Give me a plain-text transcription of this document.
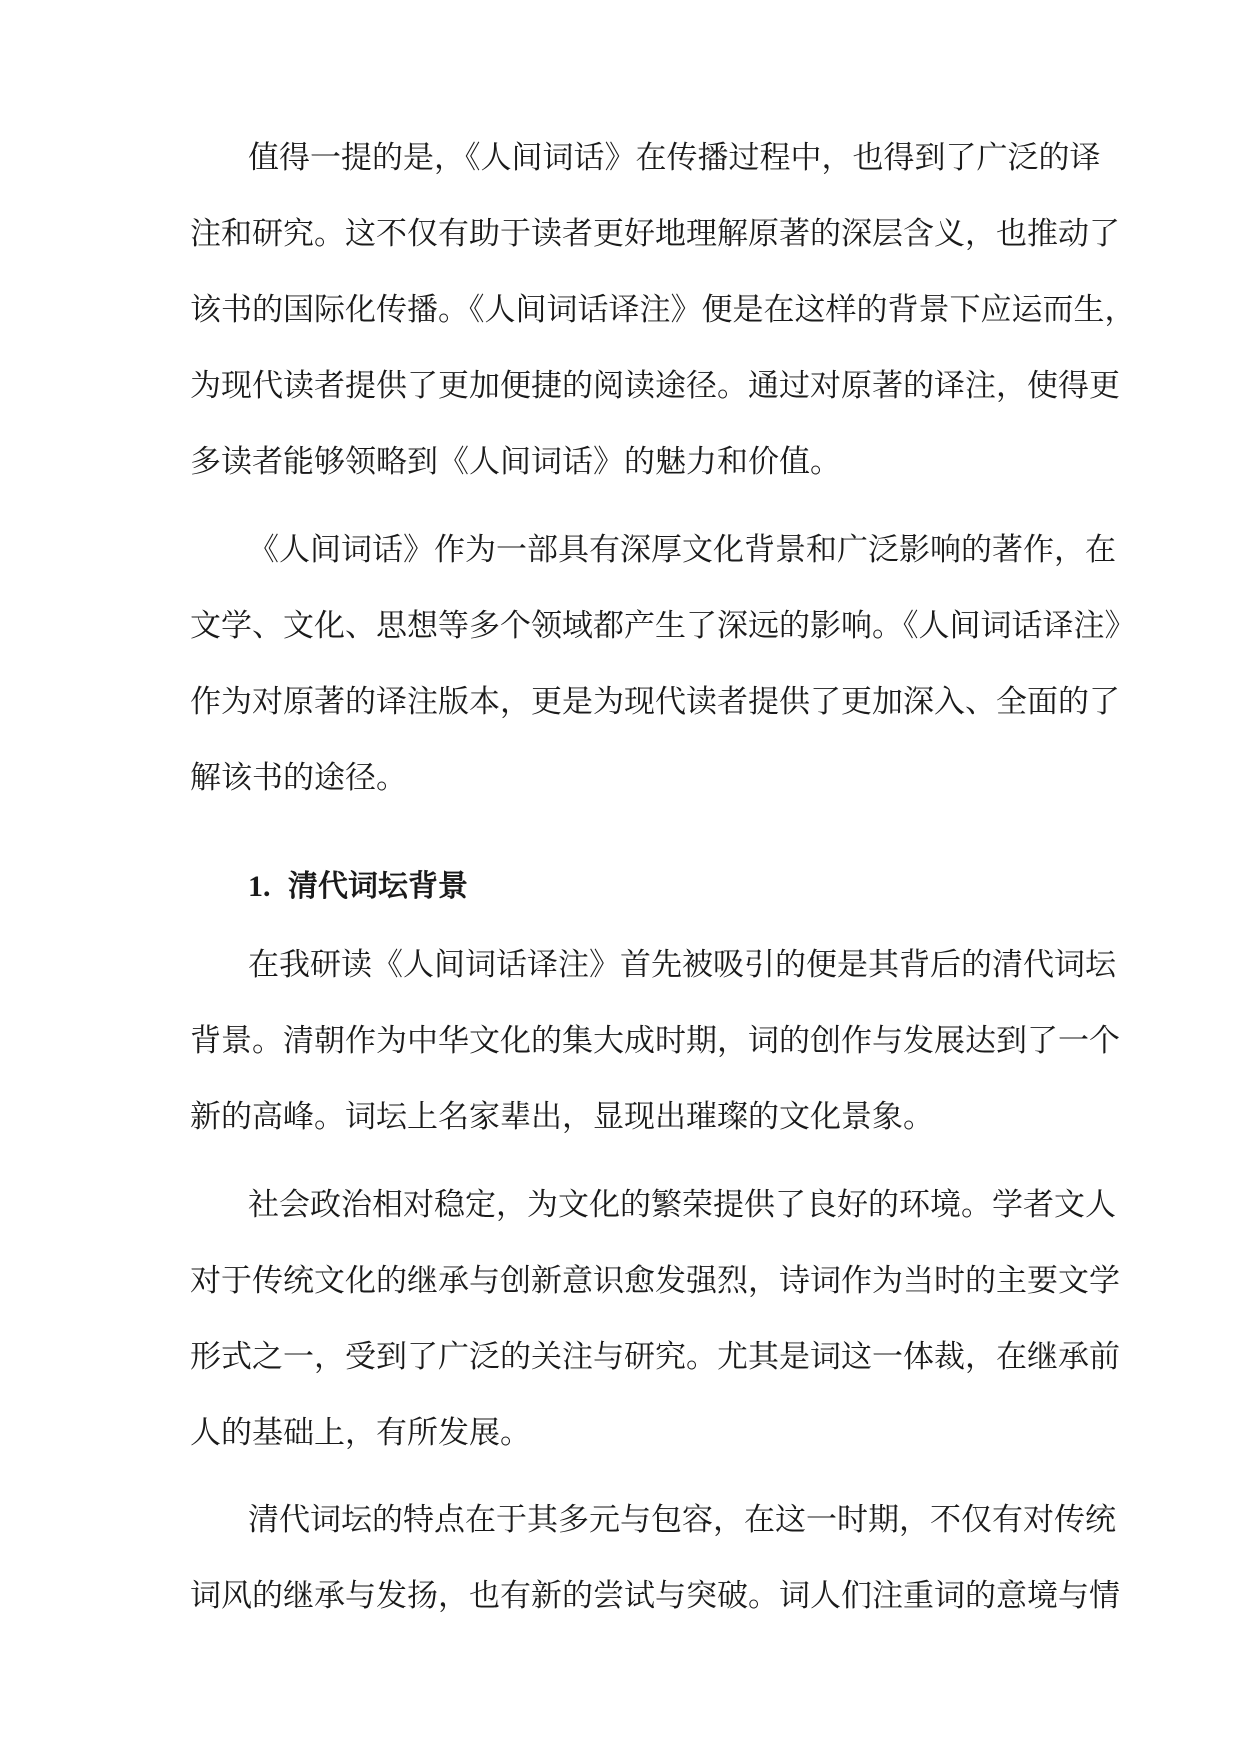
值得一提的是，《人间词话》在传播过程中，也得到了广泛的译
注和研究。这不仅有助于读者更好地理解原著的深层含义，也推动了
该书的国际化传播。《人间词话译注》便是在这样的背景下应运而生，
为现代读者提供了更加便捷的阅读途径。通过对原著的译注，使得更
多读者能够领略到《人间词话》的魅力和价值。
《人间词话》作为一部具有深厚文化背景和广泛影响的著作，在
文学、文化、思想等多个领域都产生了深远的影响。《人间词话译注》
作为对原著的译注版本，更是为现代读者提供了更加深入、全面的了
解该书的途径。
1. 清代词坛背景
在我研读《人间词话译注》首先被吸引的便是其背后的清代词坛
背景。清朝作为中华文化的集大成时期，词的创作与发展达到了一个
新的高峰。词坛上名家辈出，显现出璀璨的文化景象。
社会政治相对稳定，为文化的繁荣提供了良好的环境。学者文人
对于传统文化的继承与创新意识愈发强烈，诗词作为当时的主要文学
形式之一，受到了广泛的关注与研究。尤其是词这一体裁，在继承前
人的基础上，有所发展。
清代词坛的特点在于其多元与包容，在这一时期，不仅有对传统
词风的继承与发扬，也有新的尝试与突破。词人们注重词的意境与情
